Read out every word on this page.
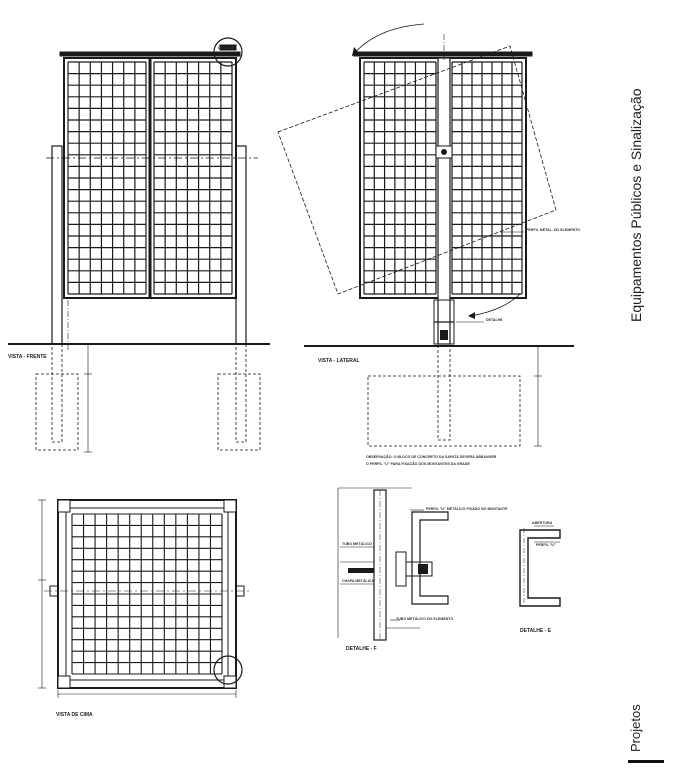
VISTA - FRENTE
VISTA - LATERAL
VISTA DE CIMA
DETALHE - F
DETALHE - E
OBSERVAÇÃO: O BLOCO DE CONCRETO DA SAPATA DEVERÁ ABRANGER
O PERFIL "U" PARA FIXAÇÃO DOS MONTANTES DA GRADE
PERFIL METAL. DO ELEMENTO
DETALHE
PERFIL "U" METÁLICO FIXADO NO MONTANTE
TUBO METÁLICO
CHAPA METÁLICA
TUBO METÁLICO DO ELEMENTO
ABERTURA
PERFIL "U"
DETALHE
Equipamentos Públicos e Sinalização
Projetos
